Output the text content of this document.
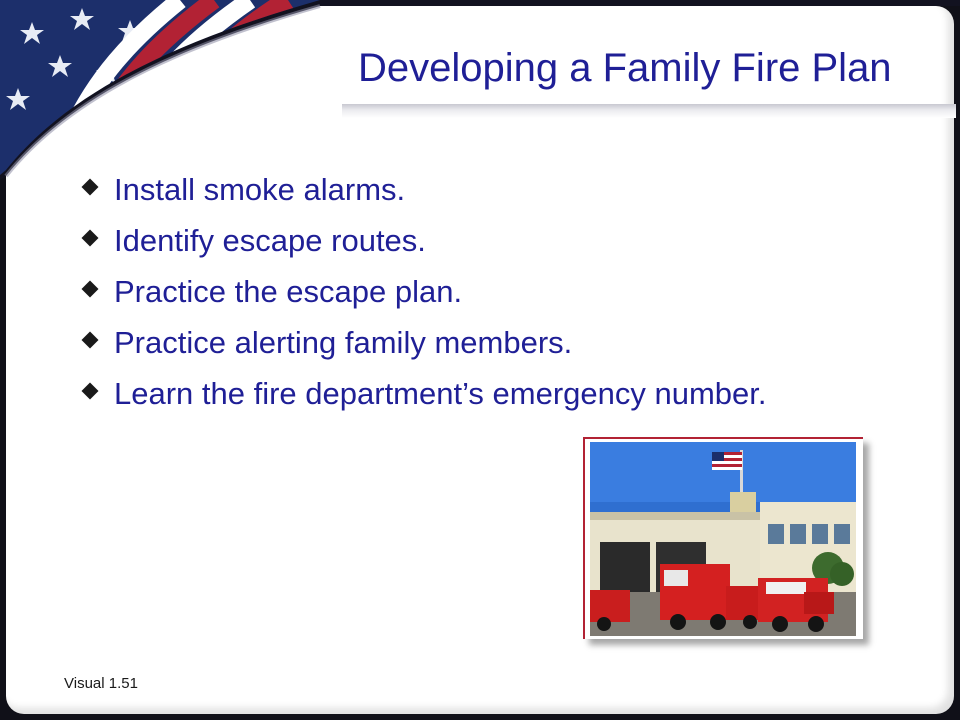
Developing a Family Fire Plan
Install smoke alarms.
Identify escape routes.
Practice the escape plan.
Practice alerting family members.
Learn the fire department’s emergency number.
Visual 1.51
